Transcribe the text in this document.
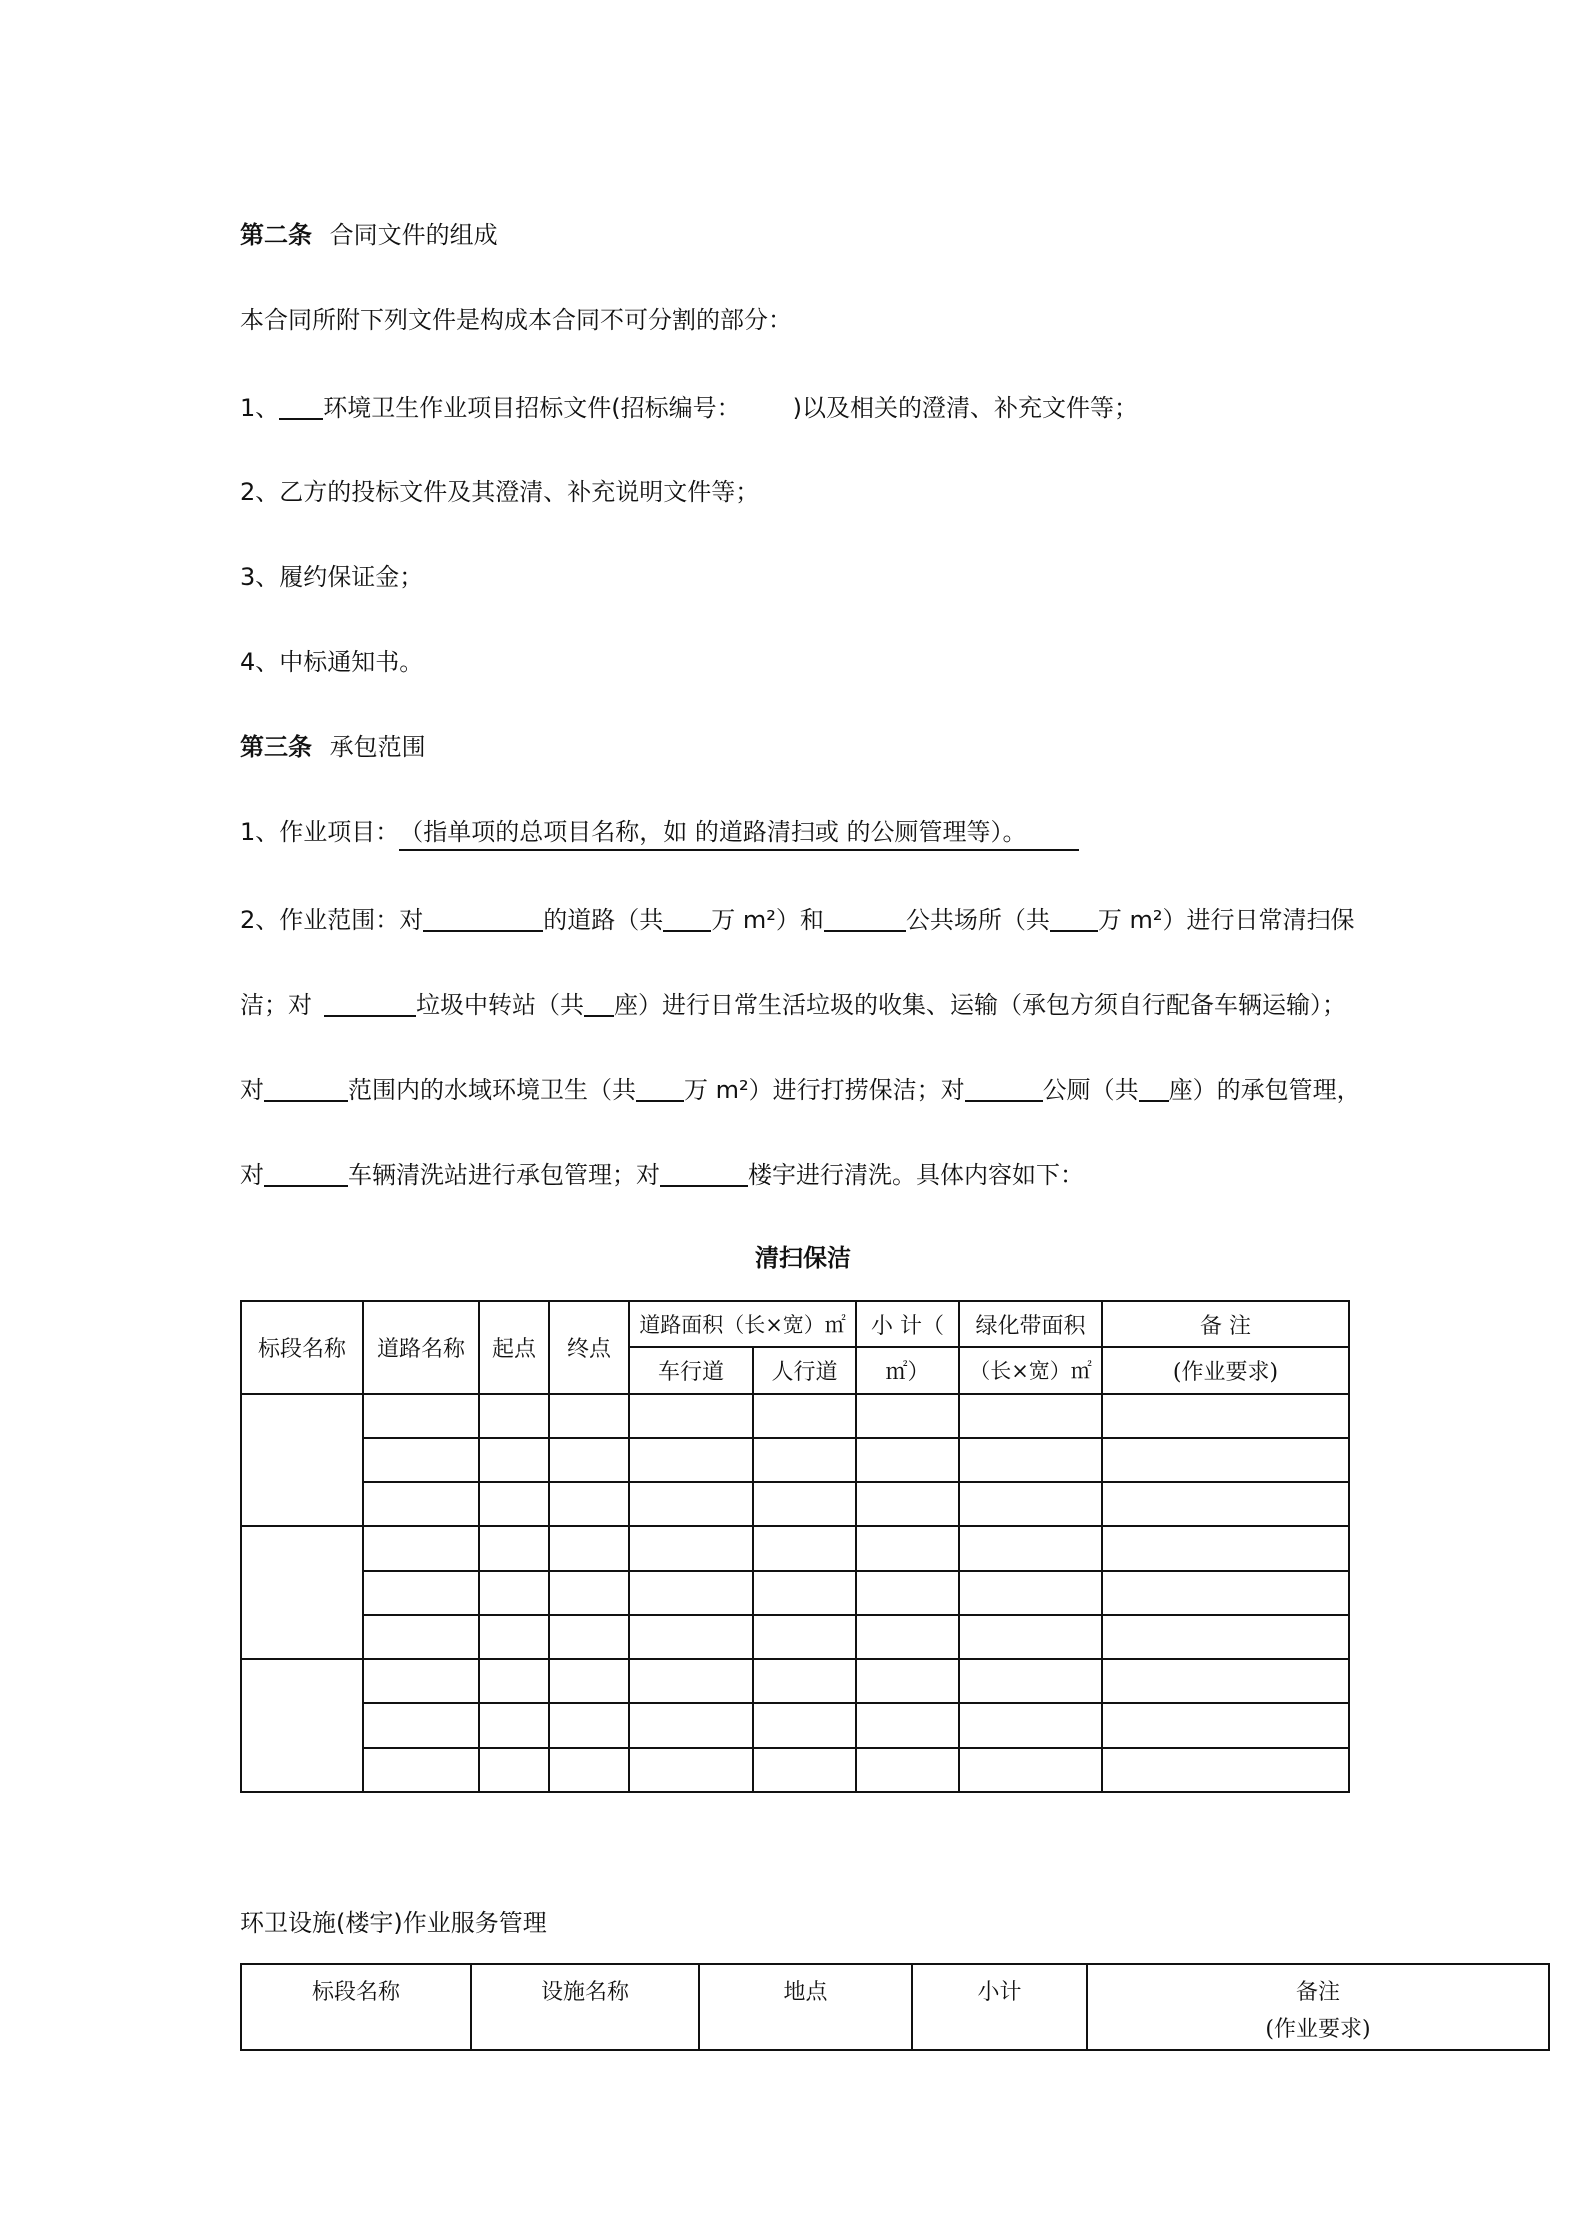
第二条 合同文件的组成
本合同所附下列文件是构成本合同不可分割的部分：
1、 环境卫生作业项目招标文件(招标编号： )以及相关的澄清、补充文件等；
2、乙方的投标文件及其澄清、补充说明文件等；
3、履约保证金；
4、中标通知书。
第三条 承包范围
1、作业项目：（指单项的总项目名称，如 的道路清扫或 的公厕管理等）。
2、作业范围：对	的道路（共 万 m²）和	公共场所（共 万 m²）进行日常清扫保
洁；对	垃圾中转站（共 座）进行日常生活垃圾的收集、运输（承包方须自行配备车辆运输）；
对	范围内的水域环境卫生（共 万 m²）进行打捞保洁；对	公厕（共 座）的承包管理，
对	车辆清洗站进行承包管理；对	楼宇进行清洗。具体内容如下：
清扫保洁
标段名称	道路名称	起点	终点	道路面积（长×宽）㎡		小 计（	绿化带面积	备 注
				车行道	人行道	㎡）	（长×宽）㎡	(作业要求)

环卫设施(楼宇)作业服务管理
标段名称	设施名称	地点	小计	备注
(作业要求)
